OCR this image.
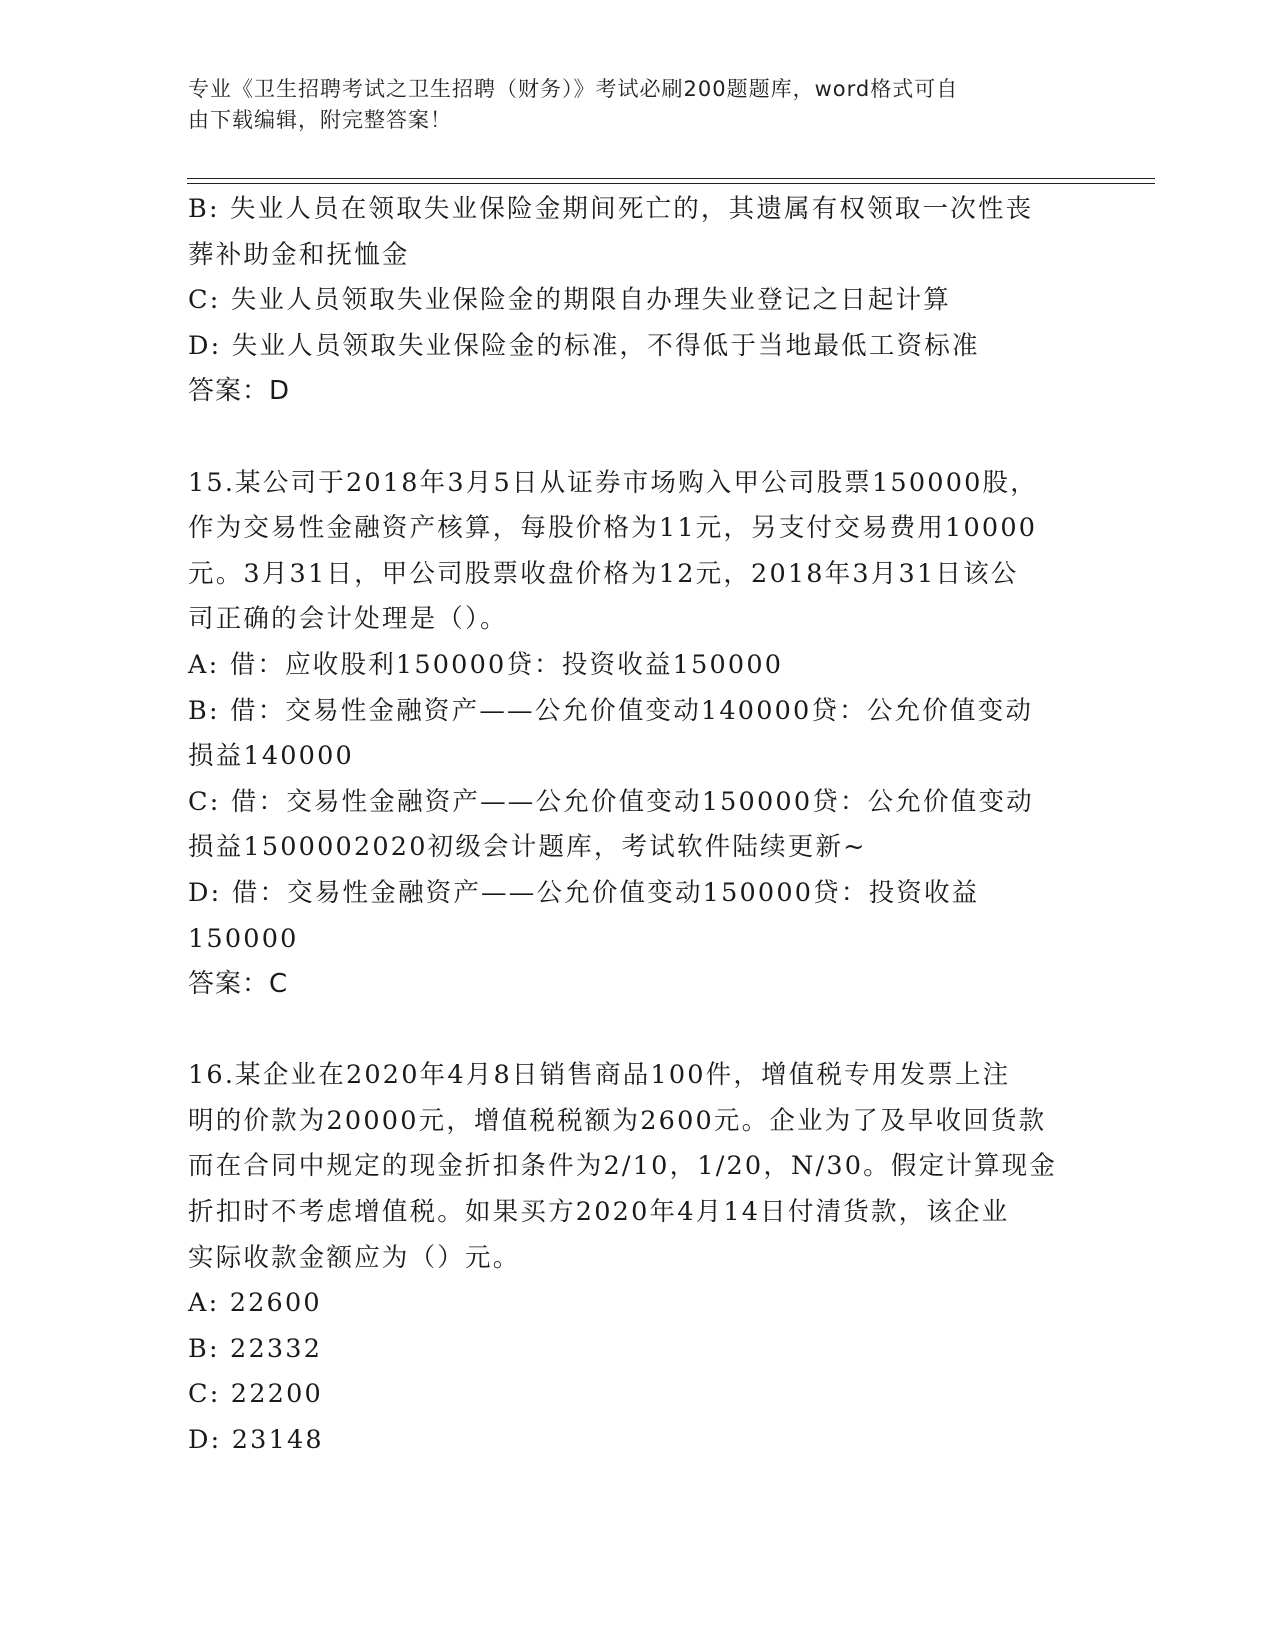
专业《卫生招聘考试之卫生招聘（财务）》考试必刷200题题库，word格式可自
由下载编辑，附完整答案！
B: 失业人员在领取失业保险金期间死亡的，其遗属有权领取一次性丧
葬补助金和抚恤金
C: 失业人员领取失业保险金的期限自办理失业登记之日起计算
D: 失业人员领取失业保险金的标准，不得低于当地最低工资标准
答案：D
15.某公司于2018年3月5日从证券市场购入甲公司股票150000股，
作为交易性金融资产核算，每股价格为11元，另支付交易费用10000
元。3月31日，甲公司股票收盘价格为12元，2018年3月31日该公
司正确的会计处理是（）。
A: 借：应收股利150000贷：投资收益150000
B: 借：交易性金融资产——公允价值变动140000贷：公允价值变动
损益140000
C: 借：交易性金融资产——公允价值变动150000贷：公允价值变动
损益1500002020初级会计题库，考试软件陆续更新~
D: 借：交易性金融资产——公允价值变动150000贷：投资收益
150000
答案：C
16.某企业在2020年4月8日销售商品100件，增值税专用发票上注
明的价款为20000元，增值税税额为2600元。企业为了及早收回货款
而在合同中规定的现金折扣条件为2/10，1/20，N/30。假定计算现金
折扣时不考虑增值税。如果买方2020年4月14日付清货款，该企业
实际收款金额应为（）元。
A: 22600
B: 22332
C: 22200
D: 23148
